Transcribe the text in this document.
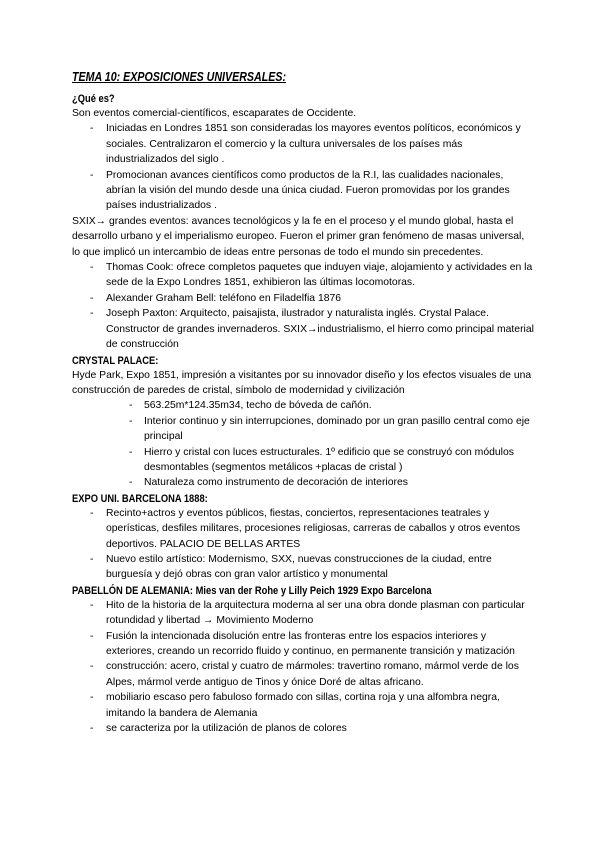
TEMA 10: EXPOSICIONES UNIVERSALES:
¿Qué es?

Son eventos comercial-científicos, escaparates de Occidente.

- Iniciadas en Londres 1851 son consideradas los mayores eventos políticos, económicos y sociales. Centralizaron el comercio y la cultura universales de los países más industrializados del siglo .
- Promocionan avances científicos como productos de la R.I, las cualidades nacionales, abrían la visión del mundo desde una única ciudad. Fueron promovidas por los grandes países industrializados .

SXIX→ grandes eventos: avances tecnológicos y la fe en el proceso y el mundo global, hasta el desarrollo urbano y el imperialismo europeo. Fueron el primer gran fenómeno de masas universal, lo que implicó un intercambio de ideas entre personas de todo el mundo sin precedentes.

- Thomas Cook: ofrece completos paquetes que induyen viaje, alojamiento y actividades en la sede de la Expo Londres 1851, exhibieron las últimas locomotoras.
- Alexander Graham Bell: teléfono en Filadelfia 1876
- Joseph Paxton: Arquitecto, paisajista, ilustrador y naturalista inglés. Crystal Palace. Constructor de grandes invernaderos. SXIX→industrialismo, el hierro como principal material de construcción
CRYSTAL PALACE:

Hyde Park, Expo 1851, impresión a visitantes por su innovador diseño y los efectos visuales de una construcción de paredes de cristal, símbolo de modernidad y civilización

- 563.25m*124.35m34, techo de bóveda de cañón.
- Interior continuo y sin interrupciones, dominado por un gran pasillo central como eje principal
- Hierro y cristal con luces estructurales. 1º edificio que se construyó con módulos desmontables (segmentos metálicos +placas de cristal )
- Naturaleza como instrumento de decoración de interiores
EXPO UNI. BARCELONA 1888:
- Recinto+actros y eventos públicos, fiestas, conciertos, representaciones teatrales y operísticas, desfiles militares, procesiones religiosas, carreras de caballos y otros eventos deportivos. PALACIO DE BELLAS ARTES
- Nuevo estilo artístico: Modernismo, SXX, nuevas construcciones de la ciudad, entre burguesía y dejó obras con gran valor artístico y monumental
PABELLÓN DE ALEMANIA: Mies van der Rohe y Lilly Peich 1929 Expo Barcelona
- Hito de la historia de la arquitectura moderna al ser una obra donde plasman con particular rotundidad y libertad → Movimiento Moderno
- Fusión la intencionada disolución entre las fronteras entre los espacios interiores y exteriores, creando un recorrido fluido y continuo, en permanente transición y matización
- construcción: acero, cristal y cuatro de mármoles: travertino romano, mármol verde de los Alpes, mármol verde antiguo de Tinos y ónice Doré de altas africano.
- mobiliario escaso pero fabuloso formado con sillas, cortina roja y una alfombra negra, imitando la bandera de Alemania
- se caracteriza por la utilización de planos de colores
